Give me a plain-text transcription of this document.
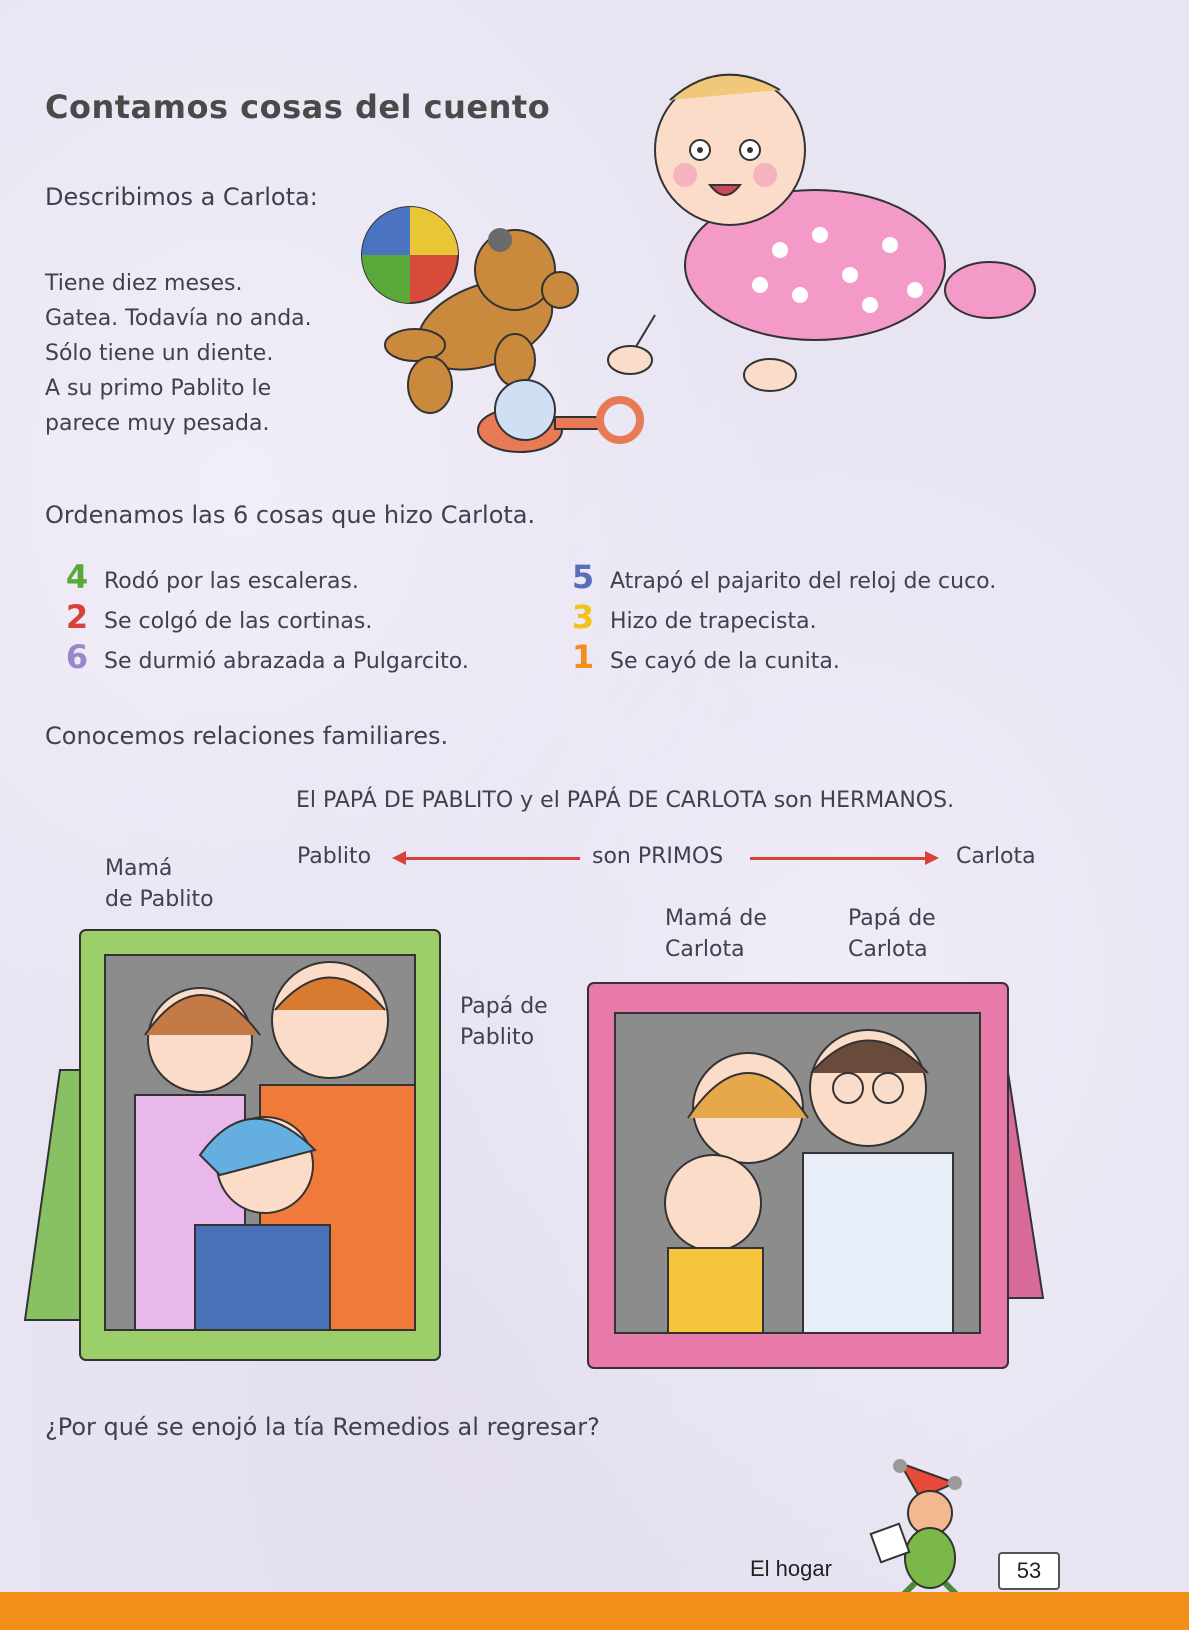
Contamos cosas del cuento
Describimos a Carlota:
Tiene diez meses.
Gatea. Todavía no anda.
Sólo tiene un diente.
A su primo Pablito le
parece muy pesada.
Ordenamos las 6 cosas que hizo Carlota.
4 Rodó por las escaleras.
2 Se colgó de las cortinas.
6 Se durmió abrazada a Pulgarcito.
5 Atrapó el pajarito del reloj de cuco.
3 Hizo de trapecista.
1 Se cayó de la cunita.
Conocemos relaciones familiares.
El PAPÁ DE PABLITO y el PAPÁ DE CARLOTA son HERMANOS.
Pablito	son PRIMOS	Carlota
Mamá
de Pablito
Papá de
Pablito
Mamá de
Carlota
Papá de
Carlota
¿Por qué se enojó la tía Remedios al regresar?
El hogar	53
